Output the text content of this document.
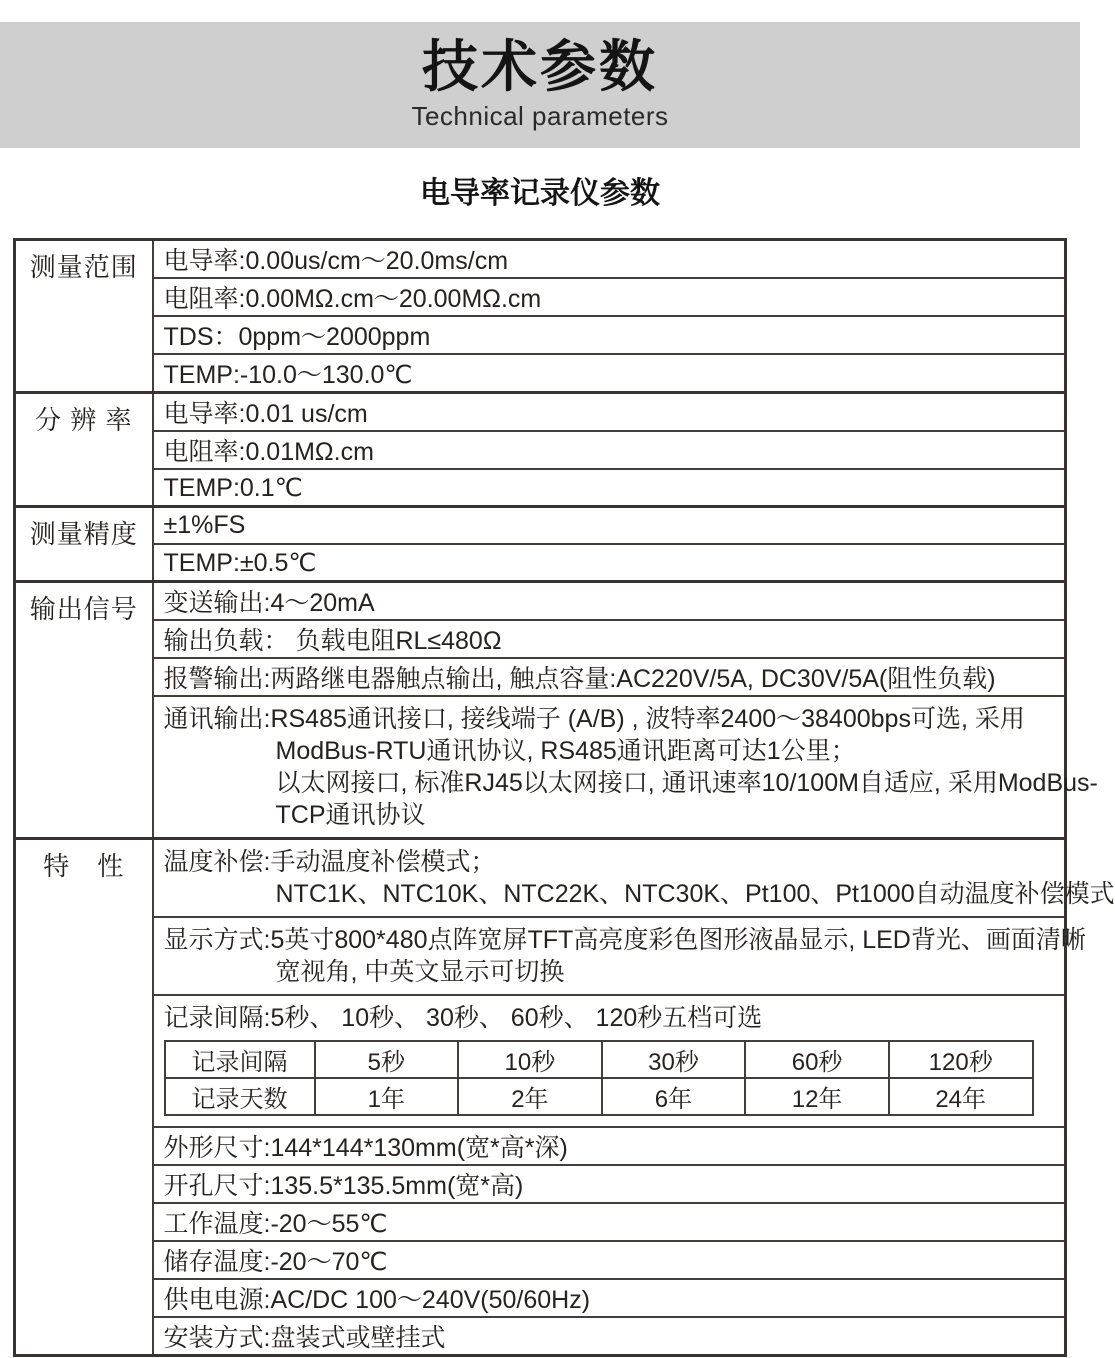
技术参数
Technical parameters
电导率记录仪参数
测量范围	电导率:0.00us/cm～20.0ms/cm
电阻率:0.00MΩ.cm～20.00MΩ.cm
TDS：0ppm～2000ppm
TEMP:-10.0～130.0℃
分 辨 率	电导率:0.01 us/cm
电阻率:0.01MΩ.cm
TEMP:0.1℃
测量精度	±1%FS
TEMP:±0.5℃
输出信号	变送输出:4～20mA
输出负载： 负载电阻RL≤480Ω
报警输出:两路继电器触点输出, 触点容量:AC220V/5A, DC30V/5A(阻性负载)

通讯输出:RS485通讯接口, 接线端子 (A/B) , 波特率2400～38400bps可选, 采用
ModBus-RTU通讯协议, RS485通讯距离可达1公里；
以太网接口, 标准RJ45以太网接口, 通讯速率10/100M自适应, 采用ModBus-
TCP通讯协议

特　性	温度补偿:手动温度补偿模式；
NTC1K、NTC10K、NTC22K、NTC30K、Pt100、Pt1000自动温度补偿模式

显示方式:5英寸800*480点阵宽屏TFT高亮度彩色图形液晶显示, LED背光、画面清晰
宽视角, 中英文显示可切换

记录间隔:5秒、 10秒、 30秒、 60秒、 120秒五档可选
记录间隔	5秒	10秒	30秒	60秒	120秒
记录天数	1年	2年	6年	12年	24年

外形尺寸:144*144*130mm(宽*高*深)
开孔尺寸:135.5*135.5mm(宽*高)
工作温度:-20～55℃
储存温度:-20～70℃
供电电源:AC/DC 100～240V(50/60Hz)
安装方式:盘装式或壁挂式
